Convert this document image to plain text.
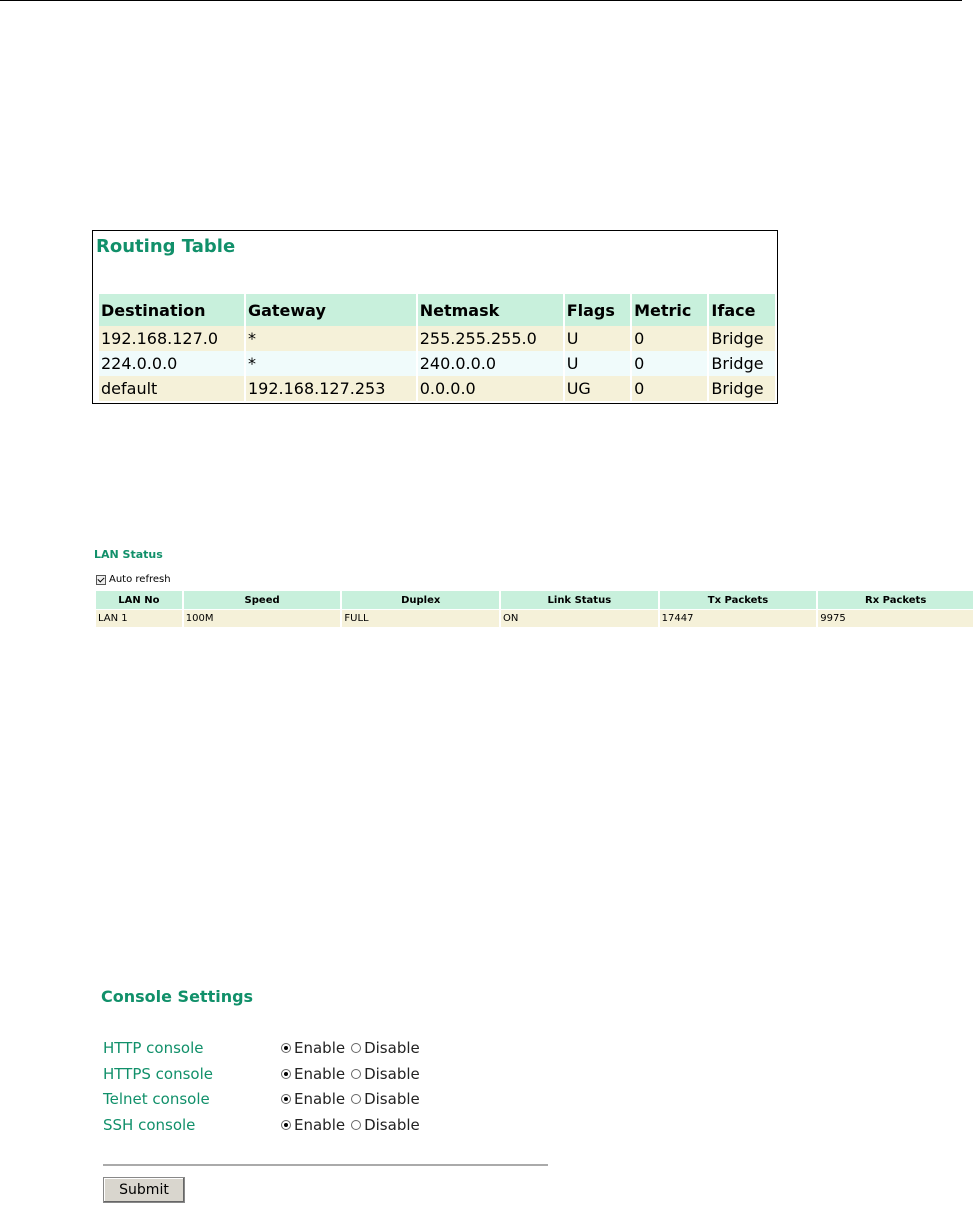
Routing Table
Destination	Gateway	Netmask	Flags	Metric	Iface
192.168.127.0	*	255.255.255.0	U	0	Bridge
224.0.0.0	*	240.0.0.0	U	0	Bridge
default	192.168.127.253	0.0.0.0	UG	0	Bridge
LAN Status
Auto refresh
LAN No	Speed	Duplex	Link Status	Tx Packets	Rx Packets
LAN 1	100M	FULL	ON	17447	9975
Console Settings
HTTP console	Enable Disable
HTTPS console	Enable Disable
Telnet console	Enable Disable
SSH console	Enable Disable
Submit
